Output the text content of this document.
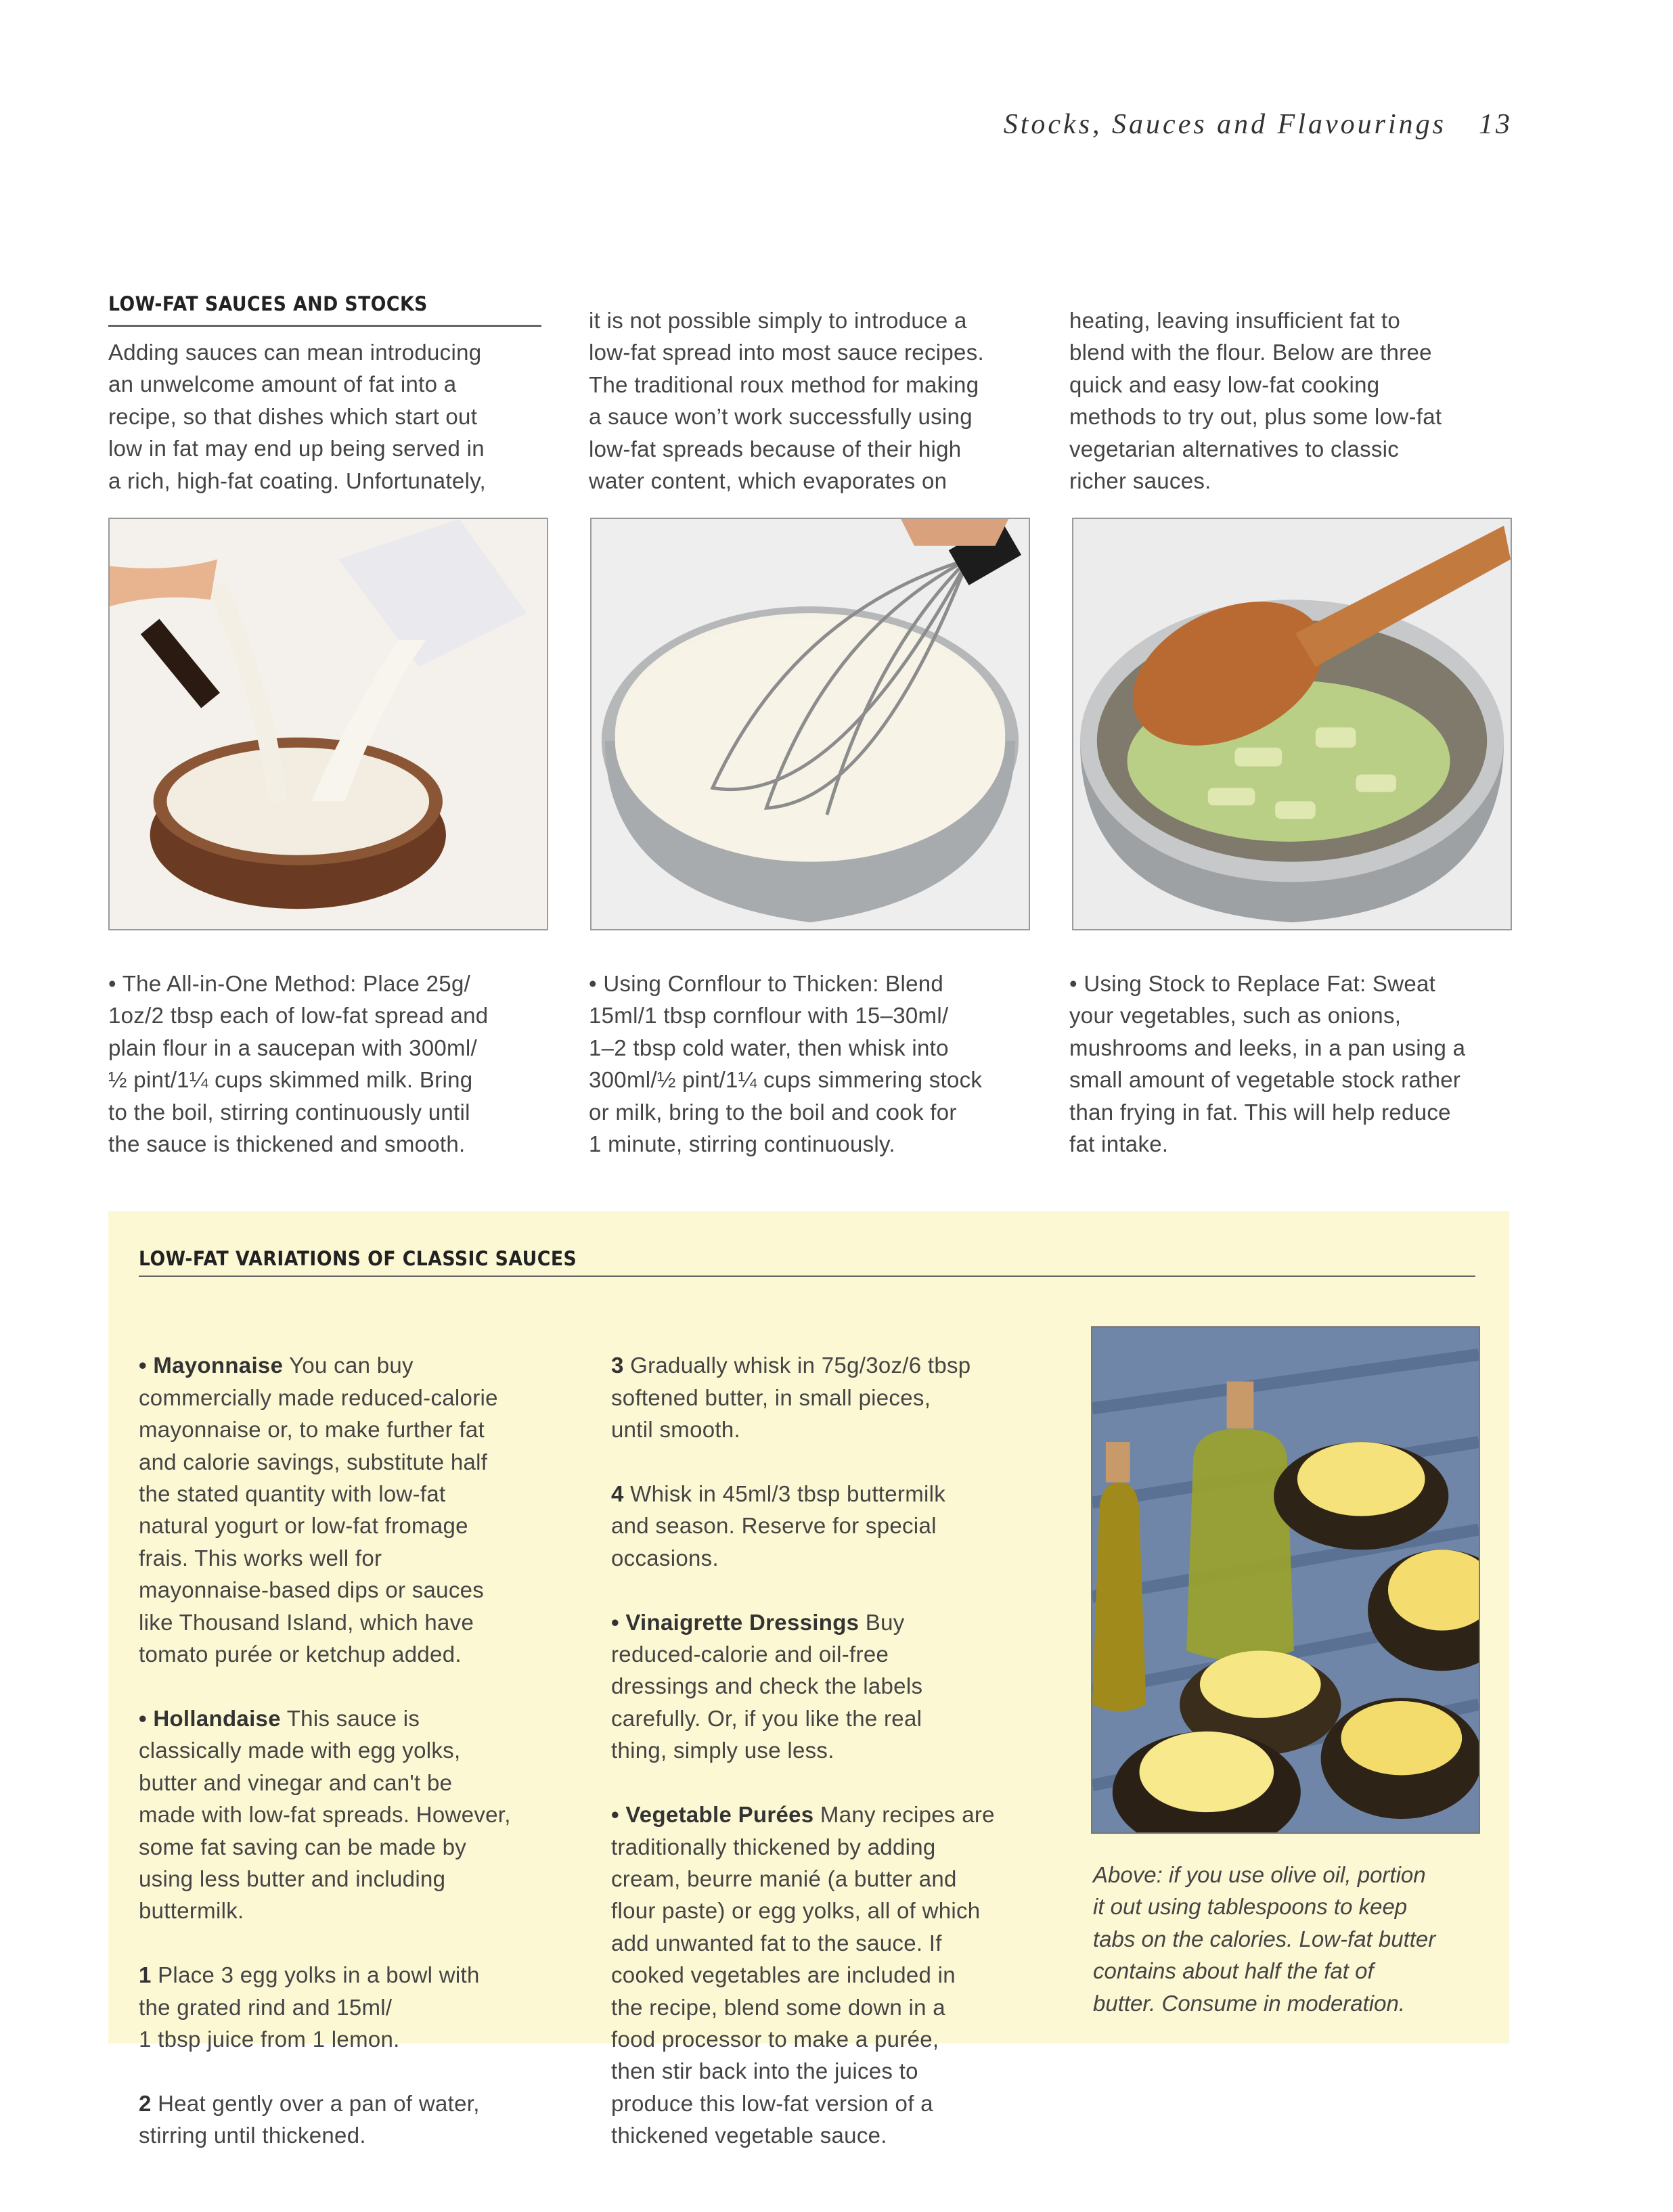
Stocks, Sauces and Flavourings 13
LOW-FAT SAUCES AND STOCKS
Adding sauces can mean introducing
an unwelcome amount of fat into a
recipe, so that dishes which start out
low in fat may end up being served in
a rich, high-fat coating. Unfortunately,
it is not possible simply to introduce a
low-fat spread into most sauce recipes.
The traditional roux method for making
a sauce won’t work successfully using
low-fat spreads because of their high
water content, which evaporates on
heating, leaving insufficient fat to
blend with the flour. Below are three
quick and easy low-fat cooking
methods to try out, plus some low-fat
vegetarian alternatives to classic
richer sauces.
• The All-in-One Method: Place 25g/
1oz/2 tbsp each of low-fat spread and
plain flour in a saucepan with 300ml/
½ pint/1¼ cups skimmed milk. Bring
to the boil, stirring continuously until
the sauce is thickened and smooth.
• Using Cornflour to Thicken: Blend
15ml/1 tbsp cornflour with 15–30ml/
1–2 tbsp cold water, then whisk into
300ml/½ pint/1¼ cups simmering stock
or milk, bring to the boil and cook for
1 minute, stirring continuously.
• Using Stock to Replace Fat: Sweat
your vegetables, such as onions,
mushrooms and leeks, in a pan using a
small amount of vegetable stock rather
than frying in fat. This will help reduce
fat intake.
LOW-FAT VARIATIONS OF CLASSIC SAUCES

• Mayonnaise You can buy
commercially made reduced-calorie
mayonnaise or, to make further fat
and calorie savings, substitute half
the stated quantity with low-fat
natural yogurt or low-fat fromage
frais. This works well for
mayonnaise-based dips or sauces
like Thousand Island, which have
tomato purée or ketchup added.

• Hollandaise This sauce is
classically made with egg yolks,
butter and vinegar and can't be
made with low-fat spreads. However,
some fat saving can be made by
using less butter and including
buttermilk.

1 Place 3 egg yolks in a bowl with
the grated rind and 15ml/
1 tbsp juice from 1 lemon.

2 Heat gently over a pan of water,
stirring until thickened.

3 Gradually whisk in 75g/3oz/6 tbsp
softened butter, in small pieces,
until smooth.

4 Whisk in 45ml/3 tbsp buttermilk
and season. Reserve for special
occasions.

• Vinaigrette Dressings Buy
reduced-calorie and oil-free
dressings and check the labels
carefully. Or, if you like the real
thing, simply use less.

• Vegetable Purées Many recipes are
traditionally thickened by adding
cream, beurre manié (a butter and
flour paste) or egg yolks, all of which
add unwanted fat to the sauce. If
cooked vegetables are included in
the recipe, blend some down in a
food processor to make a purée,
then stir back into the juices to
produce this low-fat version of a
thickened vegetable sauce.

Above: if you use olive oil, portion
it out using tablespoons to keep
tabs on the calories. Low-fat butter
contains about half the fat of
butter. Consume in moderation.
